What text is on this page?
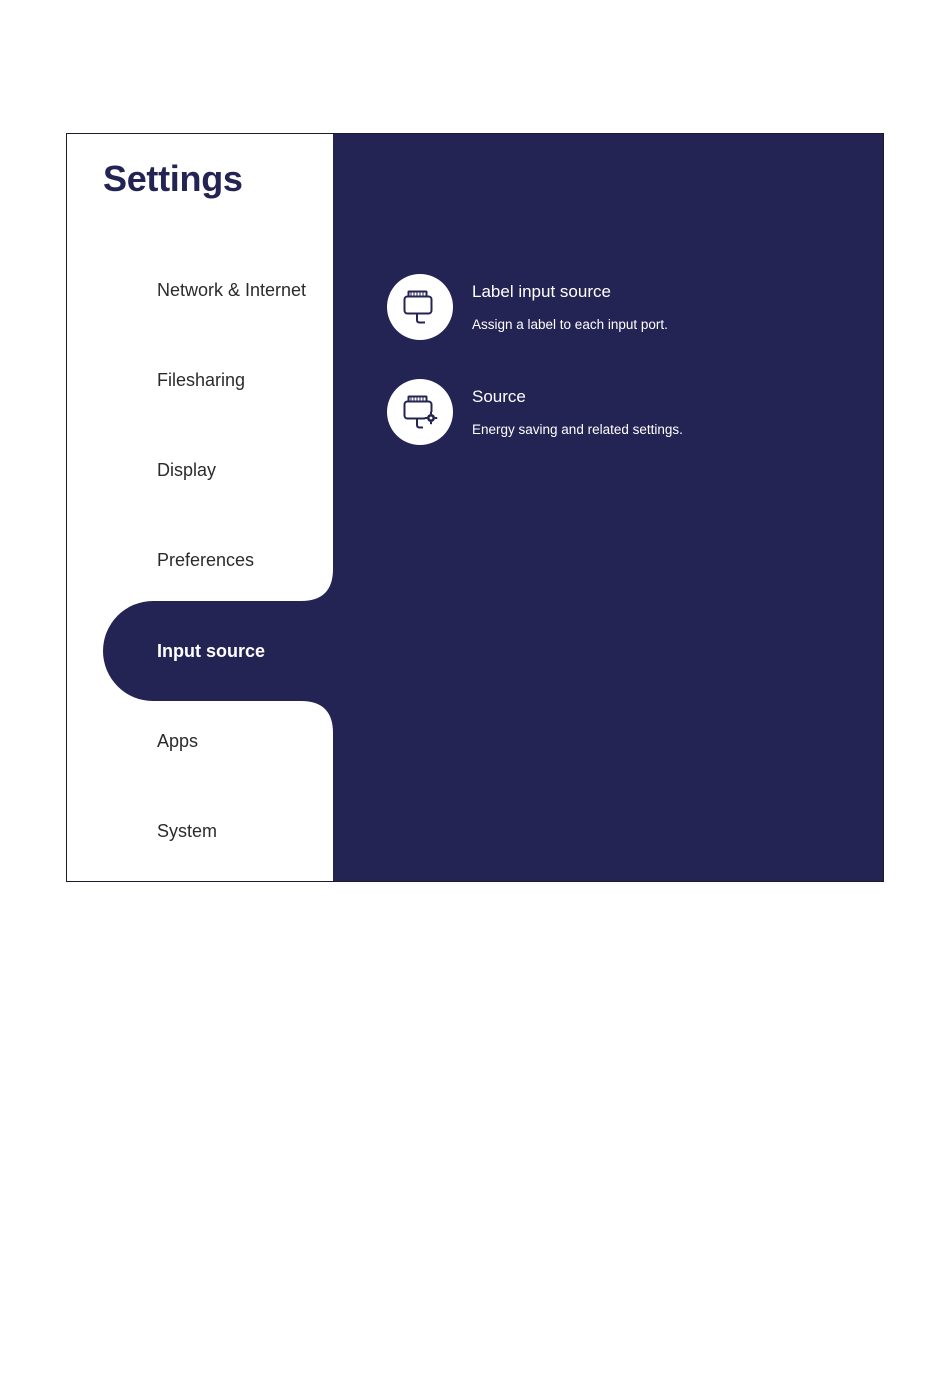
Label input source
Assign a label to each input port.
Source
Energy saving and related settings.
Settings
Network & Internet
Filesharing
Display
Preferences
Apps
System
Input source
